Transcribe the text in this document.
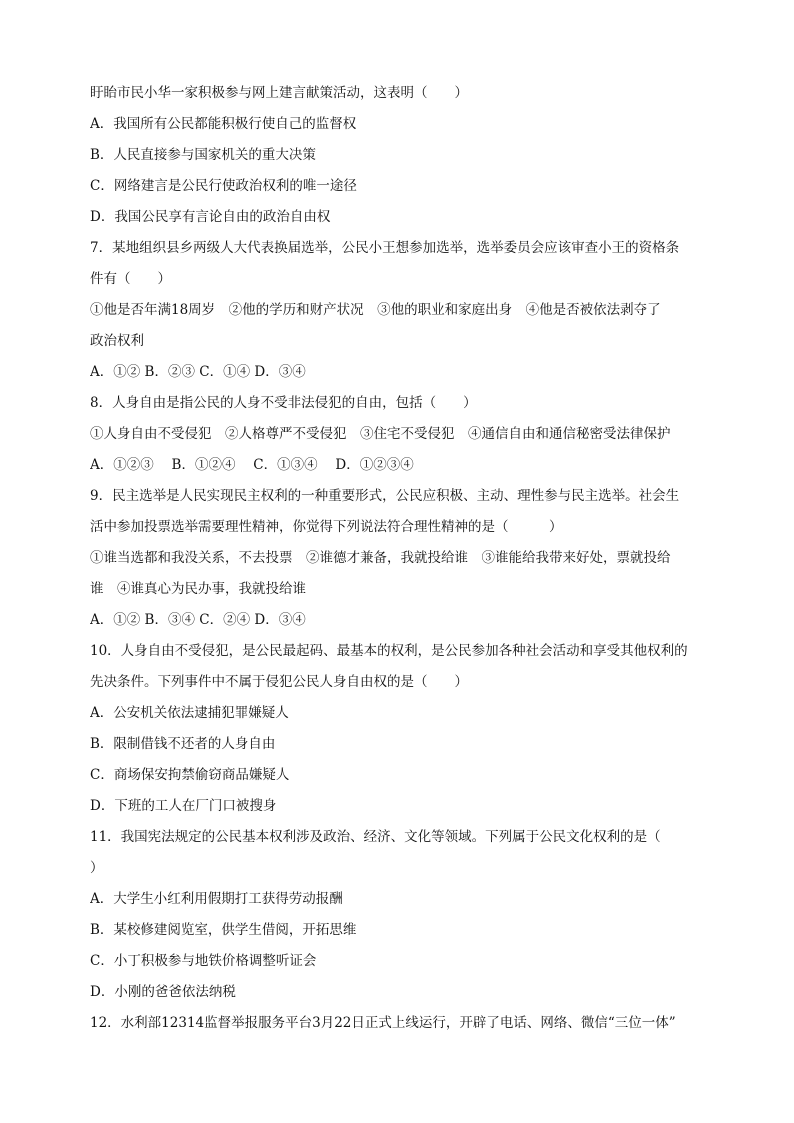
盱眙市民小华一家积极参与网上建言献策活动，这表明（　　）
A．我国所有公民都能积极行使自己的监督权
B．人民直接参与国家机关的重大决策
C．网络建言是公民行使政治权利的唯一途径
D．我国公民享有言论自由的政治自由权
7．某地组织县乡两级人大代表换届选举，公民小王想参加选举，选举委员会应该审查小王的资格条
件有（　　）
①他是否年满18周岁　②他的学历和财产状况　③他的职业和家庭出身　④他是否被依法剥夺了
政治权利
A．①② B．②③ C．①④ D．③④
8．人身自由是指公民的人身不受非法侵犯的自由，包括（　　）
①人身自由不受侵犯　②人格尊严不受侵犯　③住宅不受侵犯　④通信自由和通信秘密受法律保护
A．①②③　 B．①②④　 C．①③④　 D．①②③④
9．民主选举是人民实现民主权利的一种重要形式，公民应积极、主动、理性参与民主选举。社会生
活中参加投票选举需要理性精神，你觉得下列说法符合理性精神的是（　　　）
①谁当选都和我没关系，不去投票　②谁德才兼备，我就投给谁　③谁能给我带来好处，票就投给
谁　④谁真心为民办事，我就投给谁
A．①② B．③④ C．②④ D．③④
10．人身自由不受侵犯，是公民最起码、最基本的权利，是公民参加各种社会活动和享受其他权利的
先决条件。下列事件中不属于侵犯公民人身自由权的是（　　）
A．公安机关依法逮捕犯罪嫌疑人
B．限制借钱不还者的人身自由
C．商场保安拘禁偷窃商品嫌疑人
D．下班的工人在厂门口被搜身
11．我国宪法规定的公民基本权利涉及政治、经济、文化等领域。下列属于公民文化权利的是（
）
A．大学生小红利用假期打工获得劳动报酬
B．某校修建阅览室，供学生借阅，开拓思维
C．小丁积极参与地铁价格调整听证会
D．小刚的爸爸依法纳税
12．水利部12314监督举报服务平台3月22日正式上线运行，开辟了电话、网络、微信“三位一体”
